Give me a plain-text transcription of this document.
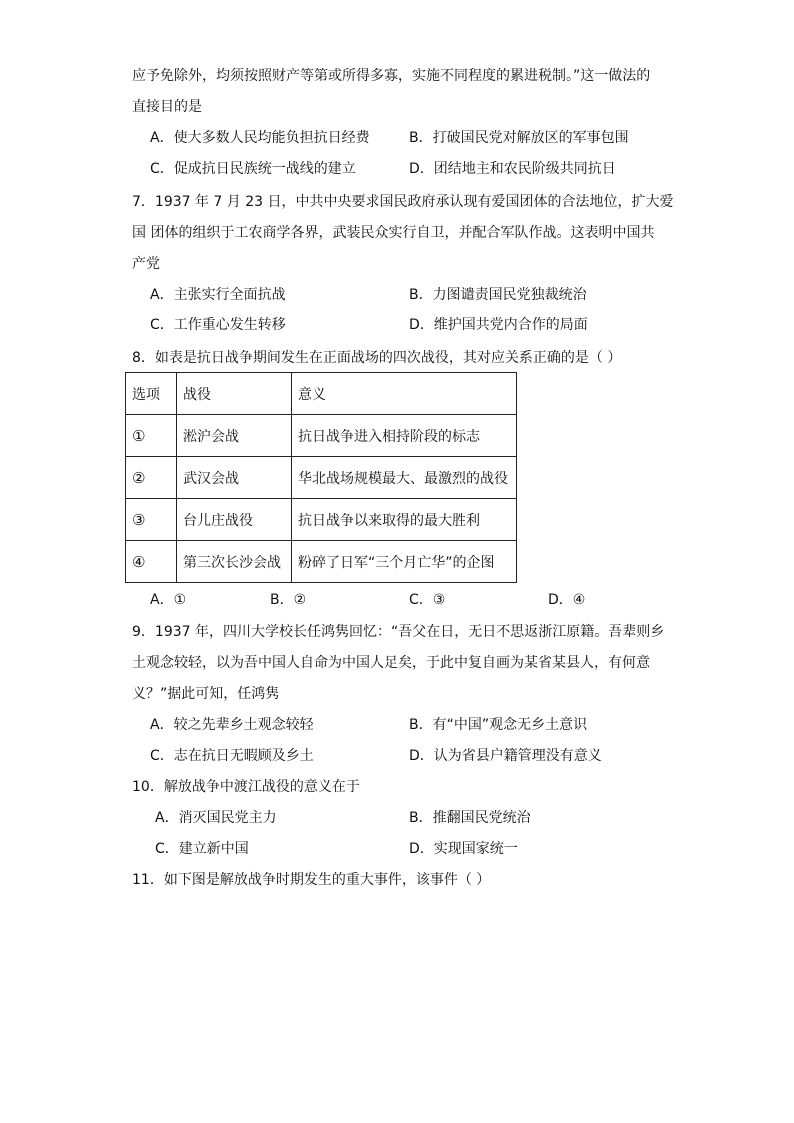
应予免除外，均须按照财产等第或所得多寡，实施不同程度的累进税制。”这一做法的
直接目的是
A．使大多数人民均能负担抗日经费	B．打破国民党对解放区的军事包围
C．促成抗日民族统一战线的建立	D．团结地主和农民阶级共同抗日
7．1937 年 7 月 23 日，中共中央要求国民政府承认现有爱国团体的合法地位，扩大爱
国 团体的组织于工农商学各界，武装民众实行自卫，并配合军队作战。这表明中国共
产党
A．主张实行全面抗战	B．力图谴责国民党独裁统治
C．工作重心发生转移	D．维护国共党内合作的局面
8．如表是抗日战争期间发生在正面战场的四次战役，其对应关系正确的是（ ）
选项	战役	意义
①	淞沪会战	抗日战争进入相持阶段的标志
②	武汉会战	华北战场规模最大、最激烈的战役
③	台儿庄战役	抗日战争以来取得的最大胜利
④	第三次长沙会战	粉碎了日军“三个月亡华”的企图
A．①	B．②	C．③	D．④
9．1937 年，四川大学校长任鸿隽回忆：“吾父在日，无日不思返浙江原籍。吾辈则乡
土观念较轻，以为吾中国人自命为中国人足矣，于此中复自画为某省某县人，有何意
义？”据此可知，任鸿隽
A．较之先辈乡土观念较轻	B．有“中国”观念无乡土意识
C．志在抗日无暇顾及乡土	D．认为省县户籍管理没有意义
10．解放战争中渡江战役的意义在于
A．消灭国民党主力	B．推翻国民党统治
C．建立新中国	D．实现国家统一
11．如下图是解放战争时期发生的重大事件，该事件（ ）
